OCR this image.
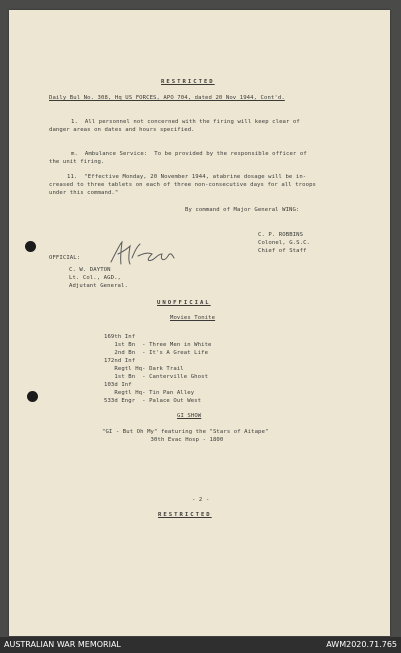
RESTRICTED
Daily Bul No. 308, Hq US FORCES, APO 704, dated 20 Nov 1944, Cont'd.
1.  All personnel not concerned with the firing will keep clear of
danger areas on dates and hours specified.
m.  Ambulance Service:  To be provided by the responsible officer of
the unit firing.
11.  "Effective Monday, 20 November 1944, atabrine dosage will be in-
creased to three tablets on each of three non-consecutive days for all troops
under this command."
By command of Major General WING:
C. P. ROBBINS
Colonel, G.S.C.
Chief of Staff
OFFICIAL:
C. W. DAYTON
Lt. Col., AGD.,
Adjutant General.
UNOFFICIAL
Movies Tonite
169th Inf
1st Bn  - Three Men in White
2nd Bn  - It's A Great Life
172nd Inf
Regtl Hq- Dark Trail
1st Bn  - Canterville Ghost
103d Inf
Regtl Hq- Tin Pan Alley
533d Engr  - Palace Out West
GI SHOW
"GI - But Oh My" featuring the "Stars of Aitape"
30th Evac Hosp - 1800
- 2 -
RESTRICTED
AUSTRALIAN WAR MEMORIAL	AWM2020.71.765
